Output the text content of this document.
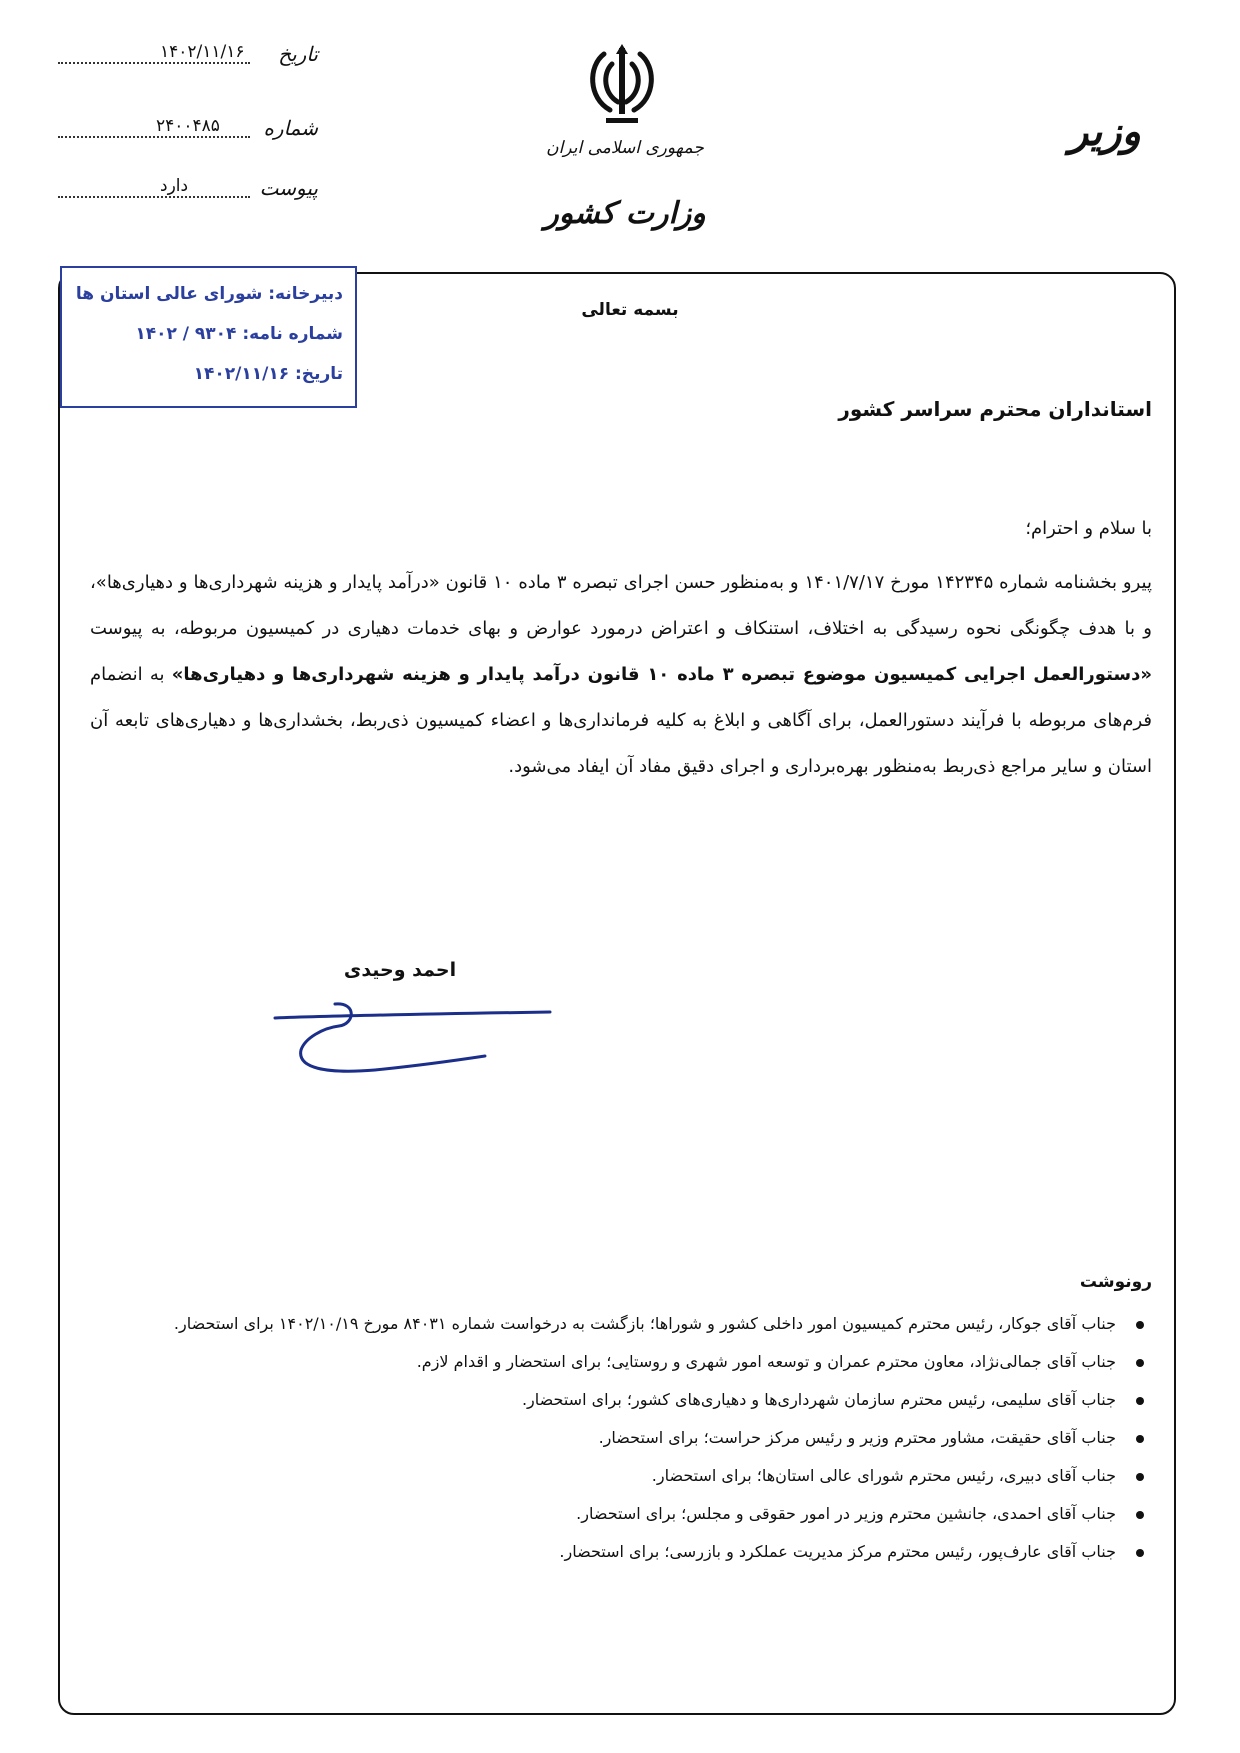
تاریخ
۱۴۰۲/۱۱/۱۶
شماره
۲۴۰۰۴۸۵
پیوست
دارد
جمهوری اسلامی ایران
وزارت کشور
وزیر
دبیرخانه: شورای عالی استان ها
شماره نامه: ۹۳۰۴ / ۱۴۰۲
تاریخ: ۱۴۰۲/۱۱/۱۶
بسمه تعالی
استانداران محترم سراسر کشور
با سلام و احترام؛
پیرو بخشنامه شماره ۱۴۲۳۴۵ مورخ ۱۴۰۱/۷/۱۷ و به‌منظور حسن اجرای تبصره ۳ ماده ۱۰ قانون «درآمد پایدار و هزینه شهرداری‌ها و دهیاری‌ها»، و با هدف چگونگی نحوه رسیدگی به اختلاف، استنکاف و اعتراض درمورد عوارض و بهای خدمات دهیاری در کمیسیون مربوطه، به پیوست «دستورالعمل اجرایی کمیسیون موضوع تبصره ۳ ماده ۱۰ قانون درآمد پایدار و هزینه شهرداری‌ها و دهیاری‌ها» به انضمام فرم‌های مربوطه با فرآیند دستورالعمل، برای آگاهی و ابلاغ به کلیه فرمانداری‌ها و اعضاء کمیسیون ذی‌ربط، بخشداری‌ها و دهیاری‌های تابعه آن استان و سایر مراجع ذی‌ربط به‌منظور بهره‌برداری و اجرای دقیق مفاد آن ایفاد می‌شود.
احمد وحیدی
رونوشت
جناب آقای جوکار، رئیس محترم کمیسیون امور داخلی کشور و شوراها؛ بازگشت به درخواست شماره ۸۴۰۳۱ مورخ ۱۴۰۲/۱۰/۱۹ برای استحضار.
جناب آقای جمالی‌نژاد، معاون محترم عمران و توسعه امور شهری و روستایی؛ برای استحضار و اقدام لازم.
جناب آقای سلیمی، رئیس محترم سازمان شهرداری‌ها و دهیاری‌های کشور؛ برای استحضار.
جناب آقای حقیقت، مشاور محترم وزیر و رئیس مرکز حراست؛ برای استحضار.
جناب آقای دبیری، رئیس محترم شورای عالی استان‌ها؛ برای استحضار.
جناب آقای احمدی، جانشین محترم وزیر در امور حقوقی و مجلس؛ برای استحضار.
جناب آقای عارف‌پور، رئیس محترم مرکز مدیریت عملکرد و بازرسی؛ برای استحضار.
